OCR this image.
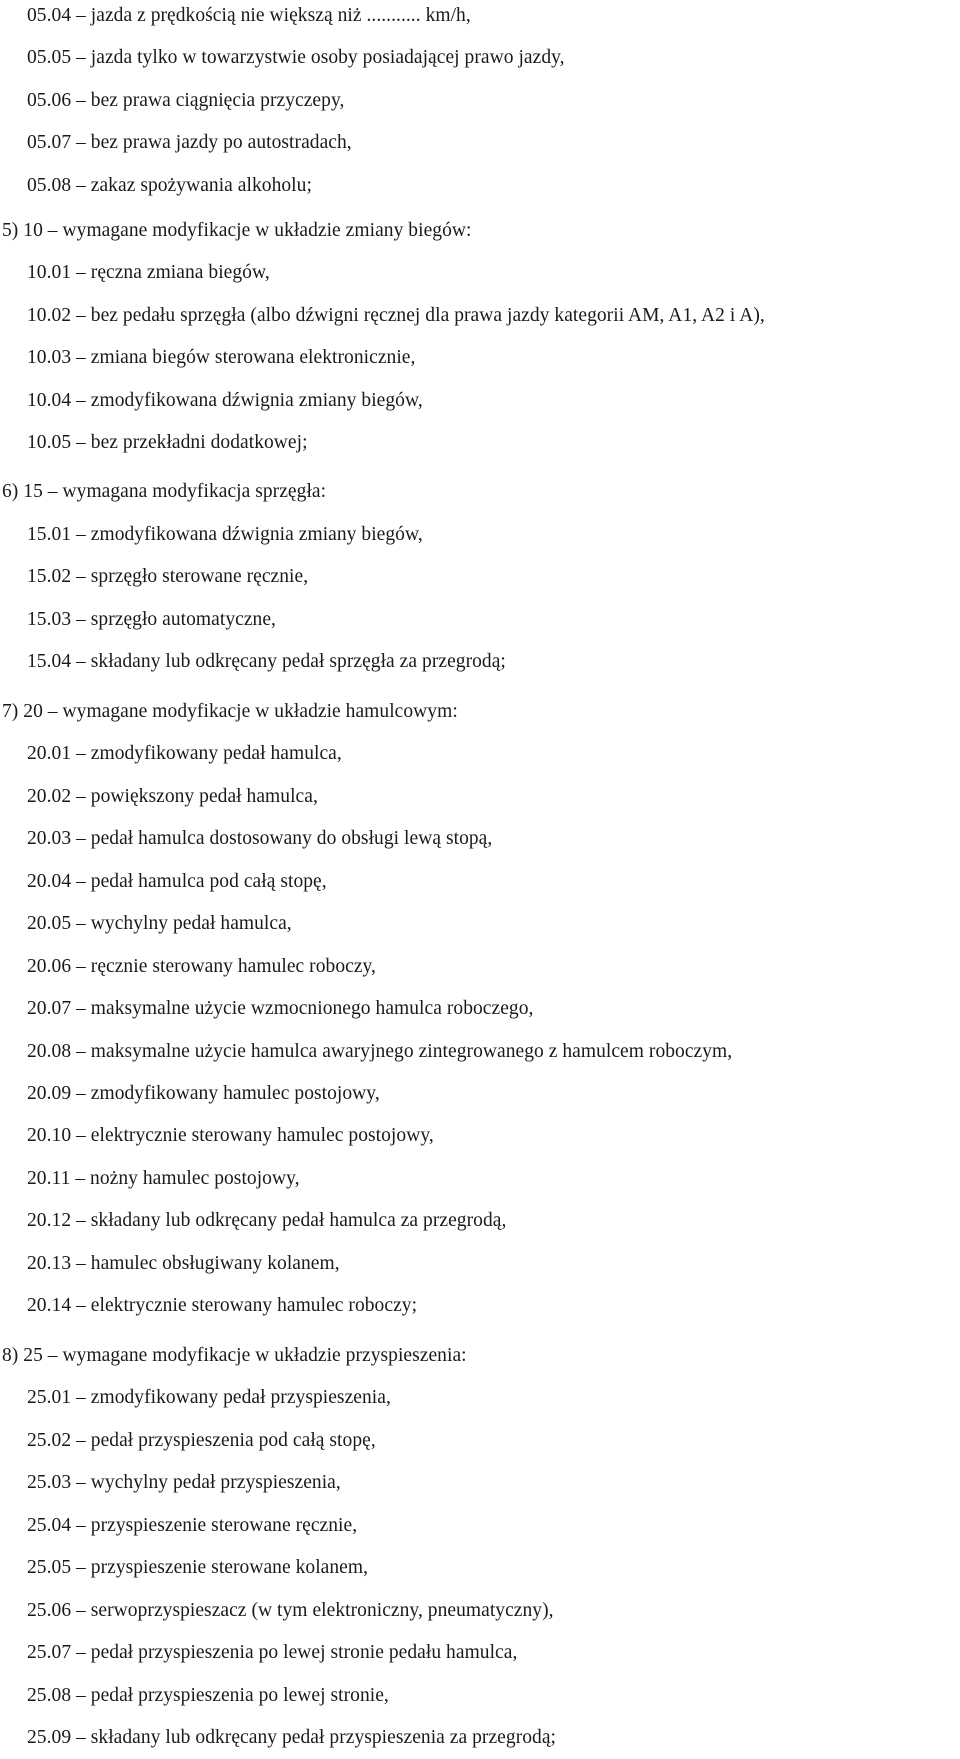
05.04 – jazda z prędkością nie większą niż ........... km/h,
05.05 – jazda tylko w towarzystwie osoby posiadającej prawo jazdy,
05.06 – bez prawa ciągnięcia przyczepy,
05.07 – bez prawa jazdy po autostradach,
05.08 – zakaz spożywania alkoholu;
5) 10 – wymagane modyfikacje w układzie zmiany biegów:
10.01 – ręczna zmiana biegów,
10.02 – bez pedału sprzęgła (albo dźwigni ręcznej dla prawa jazdy kategorii AM, A1, A2 i A),
10.03 – zmiana biegów sterowana elektronicznie,
10.04 – zmodyfikowana dźwignia zmiany biegów,
10.05 – bez przekładni dodatkowej;
6) 15 – wymagana modyfikacja sprzęgła:
15.01 – zmodyfikowana dźwignia zmiany biegów,
15.02 – sprzęgło sterowane ręcznie,
15.03 – sprzęgło automatyczne,
15.04 – składany lub odkręcany pedał sprzęgła za przegrodą;
7) 20 – wymagane modyfikacje w układzie hamulcowym:
20.01 – zmodyfikowany pedał hamulca,
20.02 – powiększony pedał hamulca,
20.03 – pedał hamulca dostosowany do obsługi lewą stopą,
20.04 – pedał hamulca pod całą stopę,
20.05 – wychylny pedał hamulca,
20.06 – ręcznie sterowany hamulec roboczy,
20.07 – maksymalne użycie wzmocnionego hamulca roboczego,
20.08 – maksymalne użycie hamulca awaryjnego zintegrowanego z hamulcem roboczym,
20.09 – zmodyfikowany hamulec postojowy,
20.10 – elektrycznie sterowany hamulec postojowy,
20.11 – nożny hamulec postojowy,
20.12 – składany lub odkręcany pedał hamulca za przegrodą,
20.13 – hamulec obsługiwany kolanem,
20.14 – elektrycznie sterowany hamulec roboczy;
8) 25 – wymagane modyfikacje w układzie przyspieszenia:
25.01 – zmodyfikowany pedał przyspieszenia,
25.02 – pedał przyspieszenia pod całą stopę,
25.03 – wychylny pedał przyspieszenia,
25.04 – przyspieszenie sterowane ręcznie,
25.05 – przyspieszenie sterowane kolanem,
25.06 – serwoprzyspieszacz (w tym elektroniczny, pneumatyczny),
25.07 – pedał przyspieszenia po lewej stronie pedału hamulca,
25.08 – pedał przyspieszenia po lewej stronie,
25.09 – składany lub odkręcany pedał przyspieszenia za przegrodą;
